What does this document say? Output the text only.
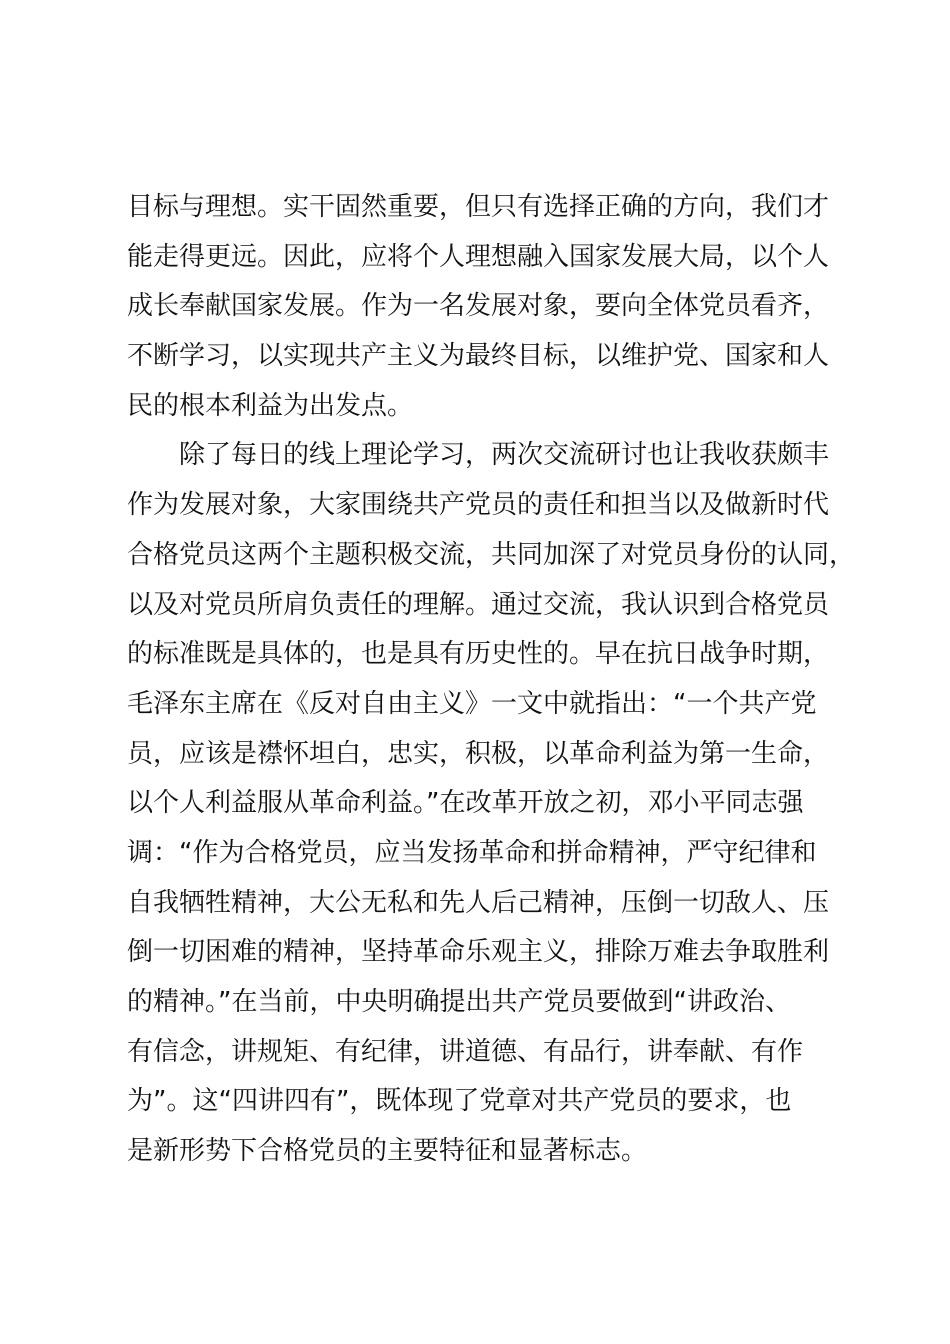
目标与理想。实干固然重要，但只有选择正确的方向，我们才
能走得更远。因此，应将个人理想融入国家发展大局，以个人
成长奉献国家发展。作为一名发展对象，要向全体党员看齐，
不断学习，以实现共产主义为最终目标，以维护党、国家和人
民的根本利益为出发点。
除了每日的线上理论学习，两次交流研讨也让我收获颇丰
作为发展对象，大家围绕共产党员的责任和担当以及做新时代
合格党员这两个主题积极交流，共同加深了对党员身份的认同，
以及对党员所肩负责任的理解。通过交流，我认识到合格党员
的标准既是具体的，也是具有历史性的。早在抗日战争时期，
毛泽东主席在《反对自由主义》一文中就指出：“一个共产党
员，应该是襟怀坦白，忠实，积极，以革命利益为第一生命，
以个人利益服从革命利益。”在改革开放之初，邓小平同志强
调：“作为合格党员，应当发扬革命和拼命精神，严守纪律和
自我牺牲精神，大公无私和先人后己精神，压倒一切敌人、压
倒一切困难的精神，坚持革命乐观主义，排除万难去争取胜利
的精神。”在当前，中央明确提出共产党员要做到“讲政治、
有信念，讲规矩、有纪律，讲道德、有品行，讲奉献、有作
为”。这“四讲四有”，既体现了党章对共产党员的要求，也
是新形势下合格党员的主要特征和显著标志。
